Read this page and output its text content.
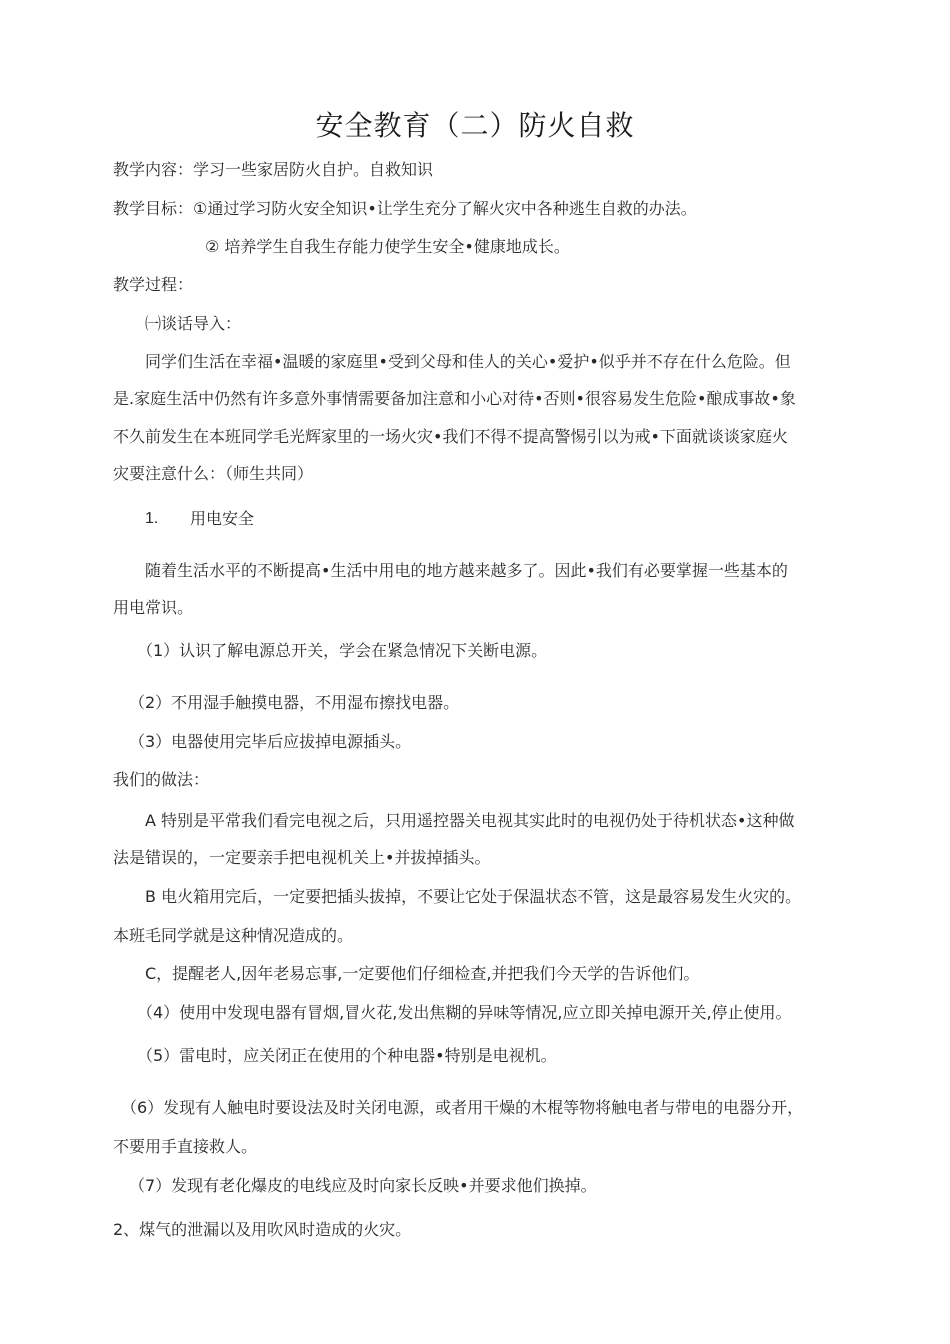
安全教育（二）防火自救
教学内容：学习一些家居防火自护。自救知识
教学目标：①通过学习防火安全知识•让学生充分了解火灾中各种逃生自救的办法。
② 培养学生自我生存能力使学生安全•健康地成长。
教学过程：
㈠谈话导入：
同学们生活在幸福•温暖的家庭里•受到父母和佳人的关心•爱护•似乎并不存在什么危险。但
是.家庭生活中仍然有许多意外事情需要备加注意和小心对待•否则•很容易发生危险•酿成事故•象
不久前发生在本班同学毛光辉家里的一场火灾•我们不得不提高警惕引以为戒•下面就谈谈家庭火
灾要注意什么：（师生共同）
1. 用电安全
随着生活水平的不断提高•生活中用电的地方越来越多了。因此•我们有必要掌握一些基本的
用电常识。
（1）认识了解电源总开关，学会在紧急情况下关断电源。
（2）不用湿手触摸电器，不用湿布擦找电器。
（3）电器使用完毕后应拔掉电源插头。
我们的做法：
A 特别是平常我们看完电视之后，只用遥控器关电视其实此时的电视仍处于待机状态•这种做
法是错误的，一定要亲手把电视机关上•并拔掉插头。
B 电火箱用完后，一定要把插头拔掉，不要让它处于保温状态不管，这是最容易发生火灾的。
本班毛同学就是这种情况造成的。
C，提醒老人,因年老易忘事,一定要他们仔细检查,并把我们今天学的告诉他们。
（4）使用中发现电器有冒烟,冒火花,发出焦糊的异味等情况,应立即关掉电源开关,停止使用。
（5）雷电时，应关闭正在使用的个种电器•特别是电视机。
（6）发现有人触电时要设法及时关闭电源，或者用干燥的木棍等物将触电者与带电的电器分开，
不要用手直接救人。
（7）发现有老化爆皮的电线应及时向家长反映•并要求他们换掉。
2、煤气的泄漏以及用吹风时造成的火灾。
